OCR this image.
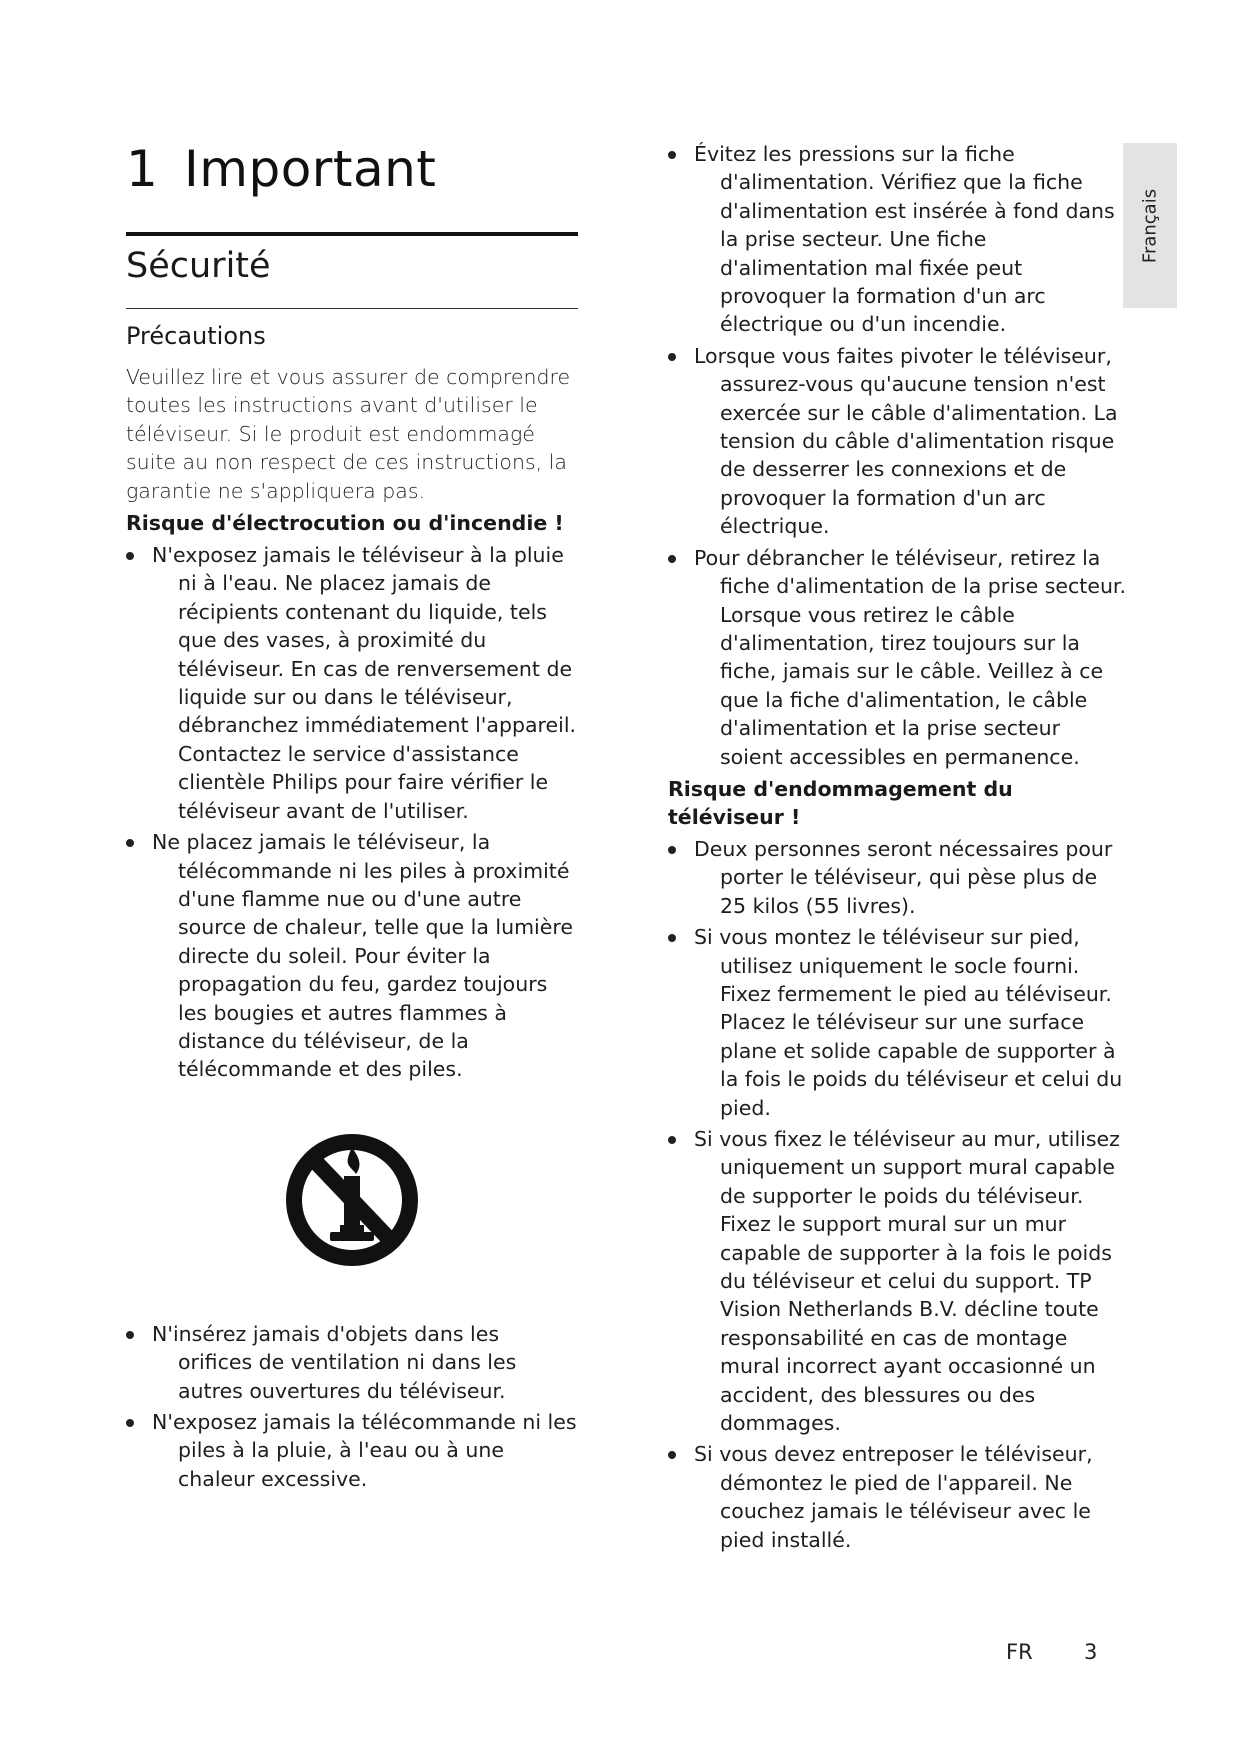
1 Important
Sécurité
Précautions

Veuillez lire et vous assurer de comprendre toutes les instructions avant d'utiliser le téléviseur. Si le produit est endommagé suite au non respect de ces instructions, la garantie ne s'appliquera pas.

Risque d'électrocution ou d'incendie !
N'exposez jamais le téléviseur à la pluie ni à l'eau. Ne placez jamais de récipients contenant du liquide, tels que des vases, à proximité du téléviseur. En cas de renversement de liquide sur ou dans le téléviseur, débranchez immédiatement l'appareil. Contactez le service d'assistance clientèle Philips pour faire vérifier le téléviseur avant de l'utiliser.
Ne placez jamais le téléviseur, la télécommande ni les piles à proximité d'une flamme nue ou d'une autre source de chaleur, telle que la lumière directe du soleil. Pour éviter la propagation du feu, gardez toujours les bougies et autres flammes à distance du téléviseur, de la télécommande et des piles.
N'insérez jamais d'objets dans les orifices de ventilation ni dans les autres ouvertures du téléviseur.
N'exposez jamais la télécommande ni les piles à la pluie, à l'eau ou à une chaleur excessive.
Évitez les pressions sur la fiche d'alimentation. Vérifiez que la fiche d'alimentation est insérée à fond dans la prise secteur. Une fiche d'alimentation mal fixée peut provoquer la formation d'un arc électrique ou d'un incendie.
Lorsque vous faites pivoter le téléviseur, assurez-vous qu'aucune tension n'est exercée sur le câble d'alimentation. La tension du câble d'alimentation risque de desserrer les connexions et de provoquer la formation d'un arc électrique.
Pour débrancher le téléviseur, retirez la fiche d'alimentation de la prise secteur. Lorsque vous retirez le câble d'alimentation, tirez toujours sur la fiche, jamais sur le câble. Veillez à ce que la fiche d'alimentation, le câble d'alimentation et la prise secteur soient accessibles en permanence.
Risque d'endommagement du téléviseur !
Deux personnes seront nécessaires pour porter le téléviseur, qui pèse plus de 25 kilos (55 livres).
Si vous montez le téléviseur sur pied, utilisez uniquement le socle fourni. Fixez fermement le pied au téléviseur. Placez le téléviseur sur une surface plane et solide capable de supporter à la fois le poids du téléviseur et celui du pied.
Si vous fixez le téléviseur au mur, utilisez uniquement un support mural capable de supporter le poids du téléviseur. Fixez le support mural sur un mur capable de supporter à la fois le poids du téléviseur et celui du support. TP Vision Netherlands B.V. décline toute responsabilité en cas de montage mural incorrect ayant occasionné un accident, des blessures ou des dommages.
Si vous devez entreposer le téléviseur, démontez le pied de l'appareil. Ne couchez jamais le téléviseur avec le pied installé.
Français
FR 3
